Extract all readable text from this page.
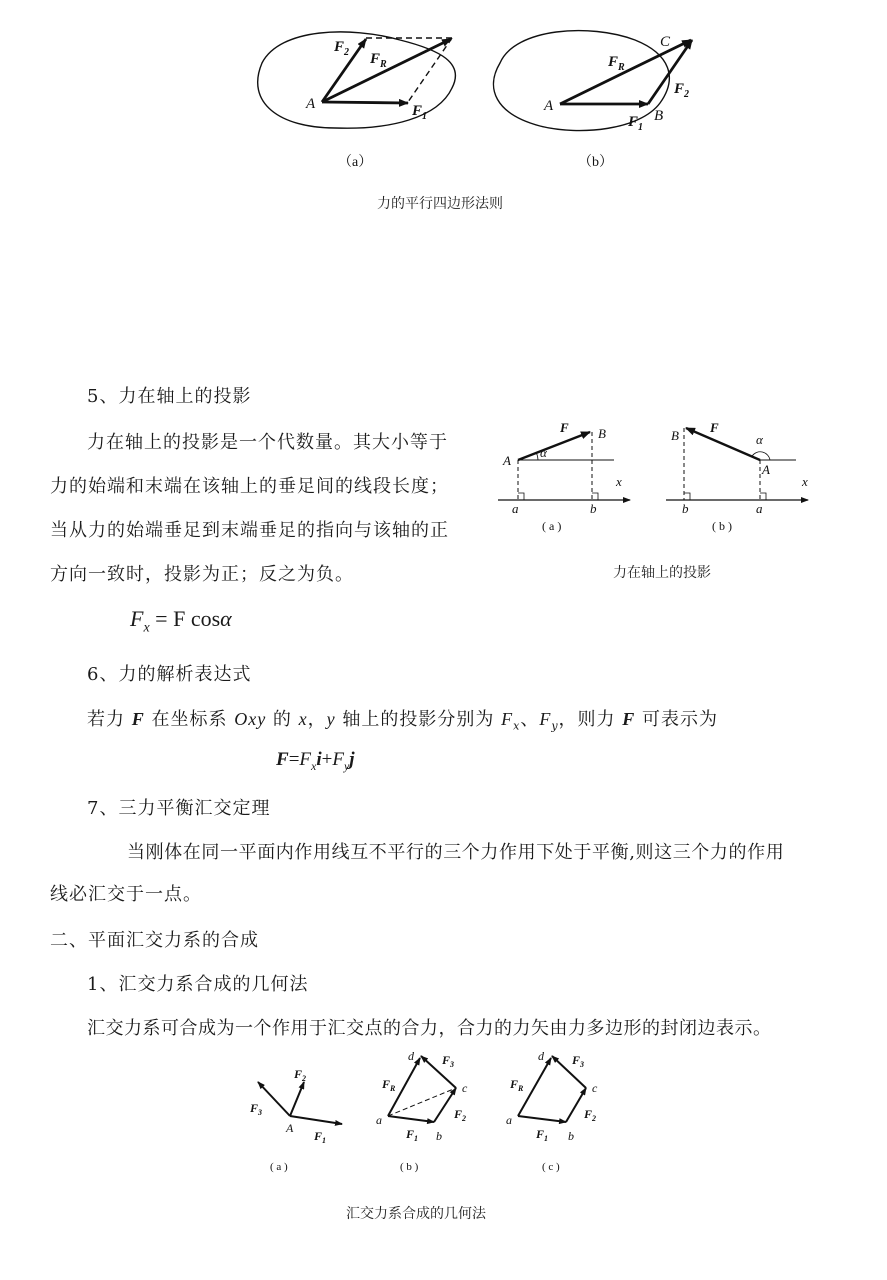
$F_2$ $F_R$
A	$F_1$
（a）
C
$F_R$
$F_2$
A
$F_1$
B
（b）
力的平行四边形法则
5、力在轴上的投影
力在轴上的投影是一个代数量。其大小等于
力的始端和末端在该轴上的垂足间的线段长度；
当从力的始端垂足到末端垂足的指向与该轴的正
方向一致时，投影为正；反之为负。
$F_x = F$ cosα
F B
A
α
x
a	b
( a )
B
F
α
A
x
b	a
( b )
力在轴上的投影
6、力的解析表达式
若力 F 在坐标系 Oxy 的 x，y 轴上的投影分别为 $F_x$、$F_y$，则力 F 可表示为
$F=F_xi+F_yj$
7、三力平衡汇交定理
当刚体在同一平面内作用线互不平行的三个力作用下处于平衡,则这三个力的作用
线必汇交于一点。
二、平面汇交力系的合成
1、汇交力系合成的几何法
汇交力系可合成为一个作用于汇交点的合力，合力的力矢由力多边形的封闭边表示。
$F_2$
$F_3$
A
$F_1$
( a )
d $F_3$
$F_R$	c
a	$F_2$
$F_1$ b
( b )
d $F_3$
$F_R$	c
a	$F_2$
$F_1$ b
( c )
汇交力系合成的几何法
